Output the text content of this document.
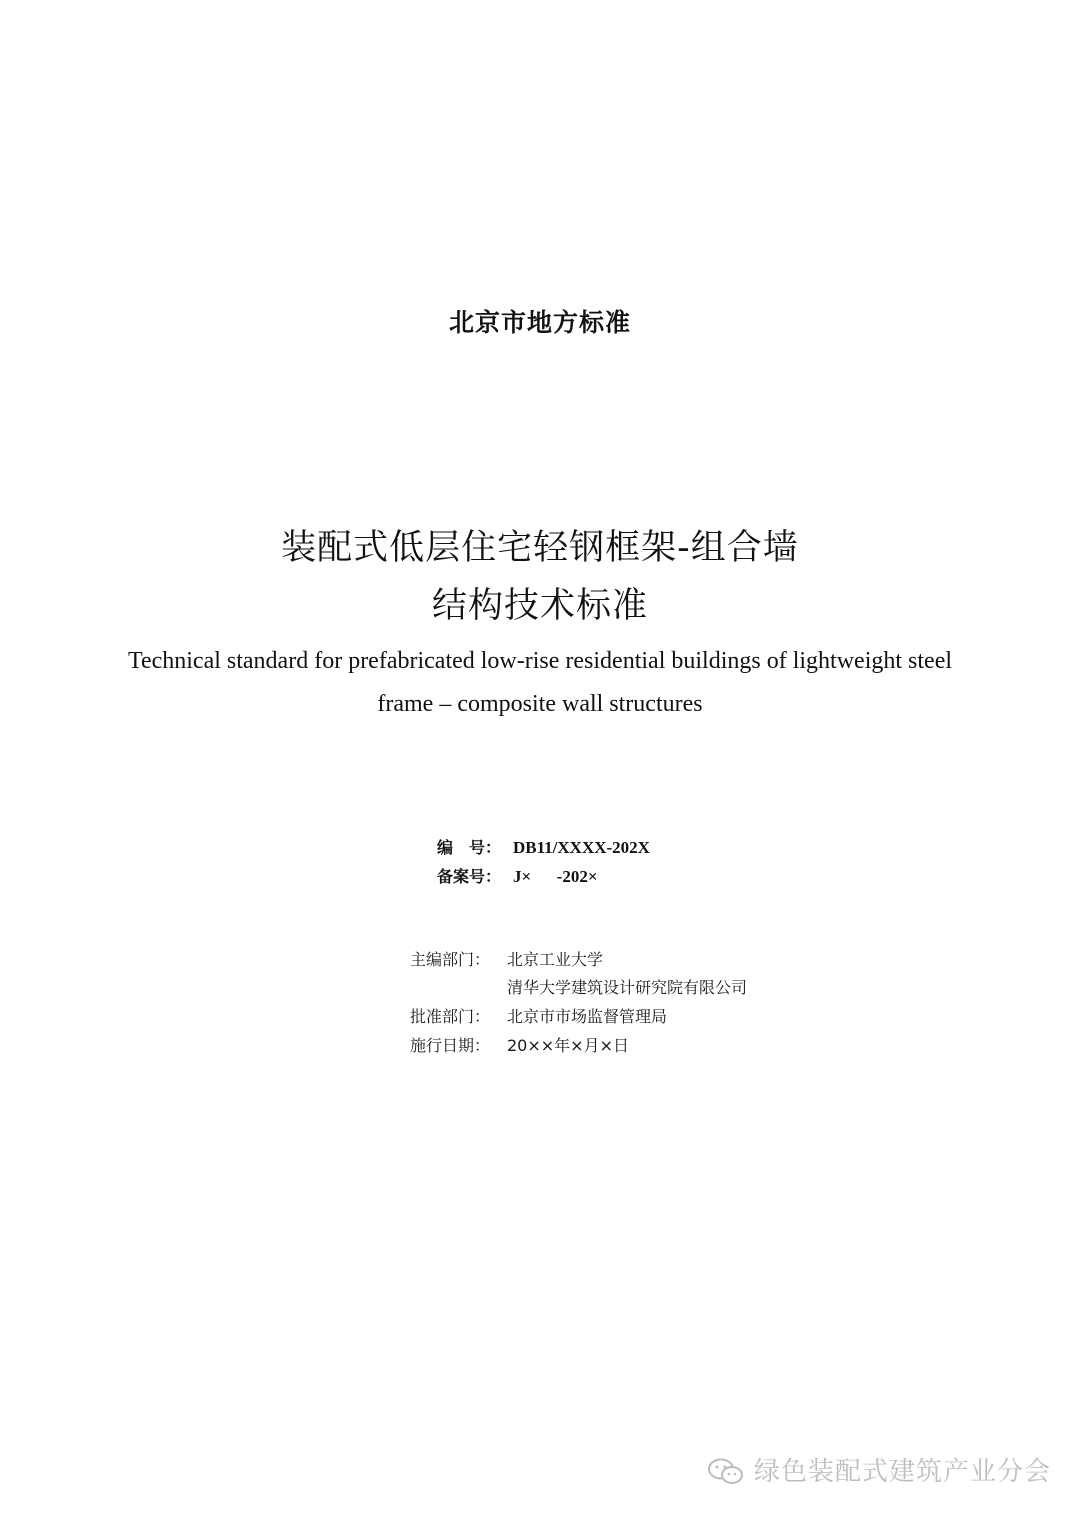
北京市地方标准
装配式低层住宅轻钢框架-组合墙
结构技术标准
Technical standard for prefabricated low-rise residential buildings of lightweight steel
frame – composite wall structures
编　号： DB11/XXXX-202X
备案号： J×      -202×
主编部门： 北京工业大学
清华大学建筑设计研究院有限公司
批准部门： 北京市市场监督管理局
施行日期： 20××年×月×日
绿色装配式建筑产业分会
